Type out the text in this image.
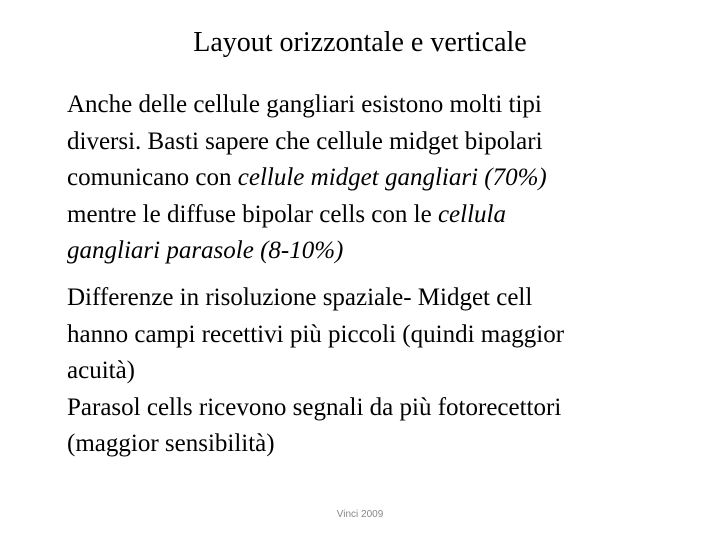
Layout orizzontale e verticale
Anche delle cellule gangliari esistono molti tipi
diversi. Basti sapere che cellule midget bipolari
comunicano con cellule midget gangliari (70%)
mentre le diffuse bipolar cells con le cellula
gangliari parasole (8-10%)
Differenze in risoluzione spaziale- Midget cell
hanno campi recettivi più piccoli (quindi maggior
acuità)
Parasol cells ricevono segnali da più fotorecettori
(maggior sensibilità)
Vinci 2009
